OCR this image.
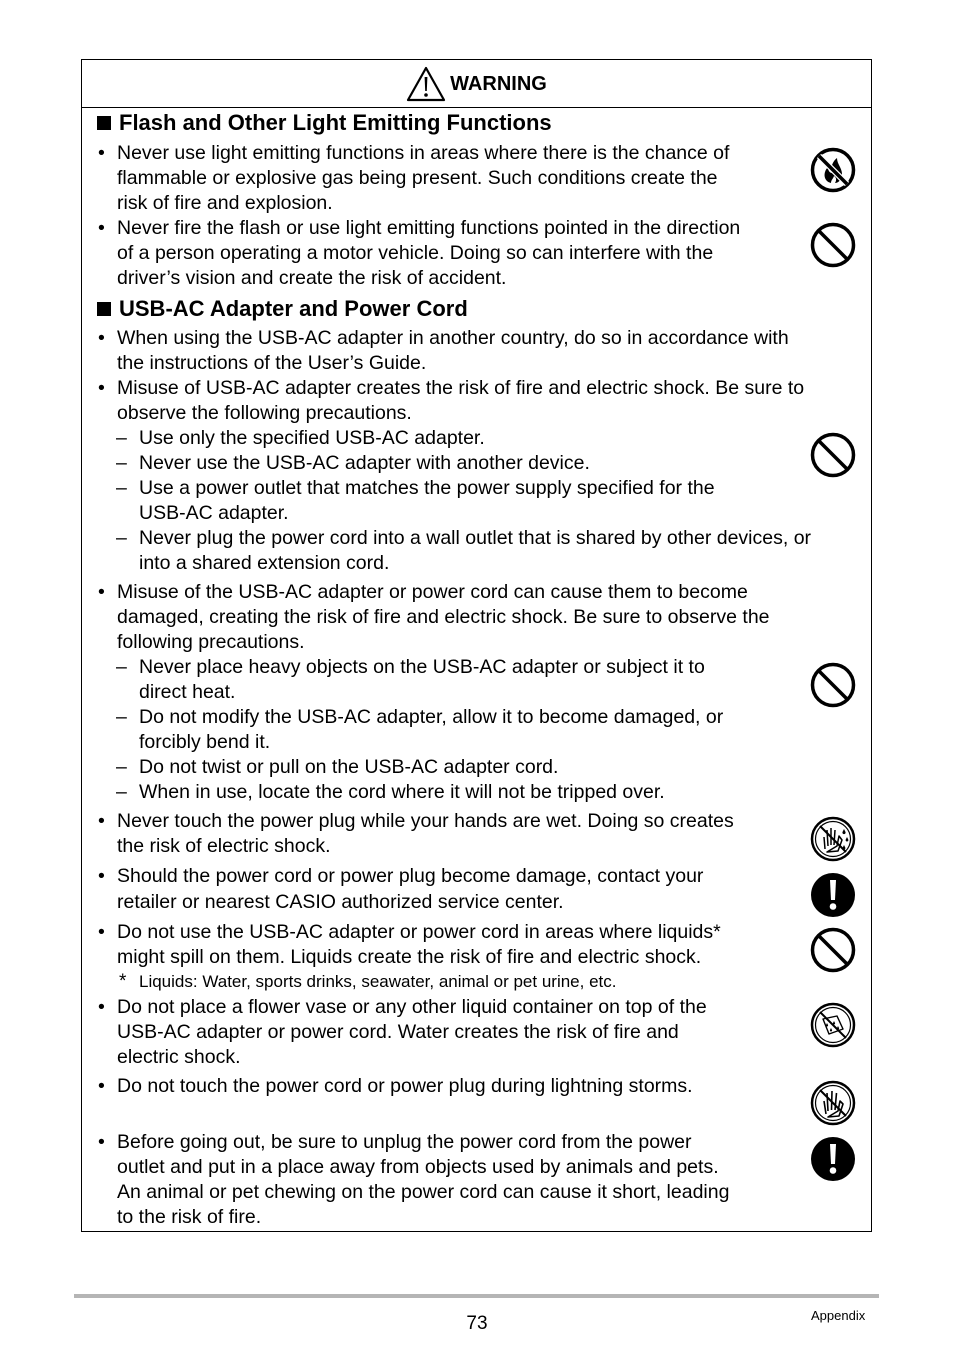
WARNING
Flash and Other Light Emitting Functions
• Never use light emitting functions in areas where there is the chance of
flammable or explosive gas being present. Such conditions create the
risk of fire and explosion.
• Never fire the flash or use light emitting functions pointed in the direction
of a person operating a motor vehicle. Doing so can interfere with the
driver’s vision and create the risk of accident.
USB-AC Adapter and Power Cord
• When using the USB-AC adapter in another country, do so in accordance with
the instructions of the User’s Guide.
• Misuse of USB-AC adapter creates the risk of fire and electric shock. Be sure to
observe the following precautions.
– Use only the specified USB-AC adapter.
– Never use the USB-AC adapter with another device.
– Use a power outlet that matches the power supply specified for the
USB-AC adapter.
– Never plug the power cord into a wall outlet that is shared by other devices, or
into a shared extension cord.
• Misuse of the USB-AC adapter or power cord can cause them to become
damaged, creating the risk of fire and electric shock. Be sure to observe the
following precautions.
– Never place heavy objects on the USB-AC adapter or subject it to
direct heat.
– Do not modify the USB-AC adapter, allow it to become damaged, or
forcibly bend it.
– Do not twist or pull on the USB-AC adapter cord.
– When in use, locate the cord where it will not be tripped over.
• Never touch the power plug while your hands are wet. Doing so creates
the risk of electric shock.
• Should the power cord or power plug become damage, contact your
retailer or nearest CASIO authorized service center.
• Do not use the USB-AC adapter or power cord in areas where liquids*
might spill on them. Liquids create the risk of fire and electric shock.
* Liquids: Water, sports drinks, seawater, animal or pet urine, etc.
• Do not place a flower vase or any other liquid container on top of the
USB-AC adapter or power cord. Water creates the risk of fire and
electric shock.
• Do not touch the power cord or power plug during lightning storms.
• Before going out, be sure to unplug the power cord from the power
outlet and put in a place away from objects used by animals and pets.
An animal or pet chewing on the power cord can cause it short, leading
to the risk of fire.
73	Appendix
